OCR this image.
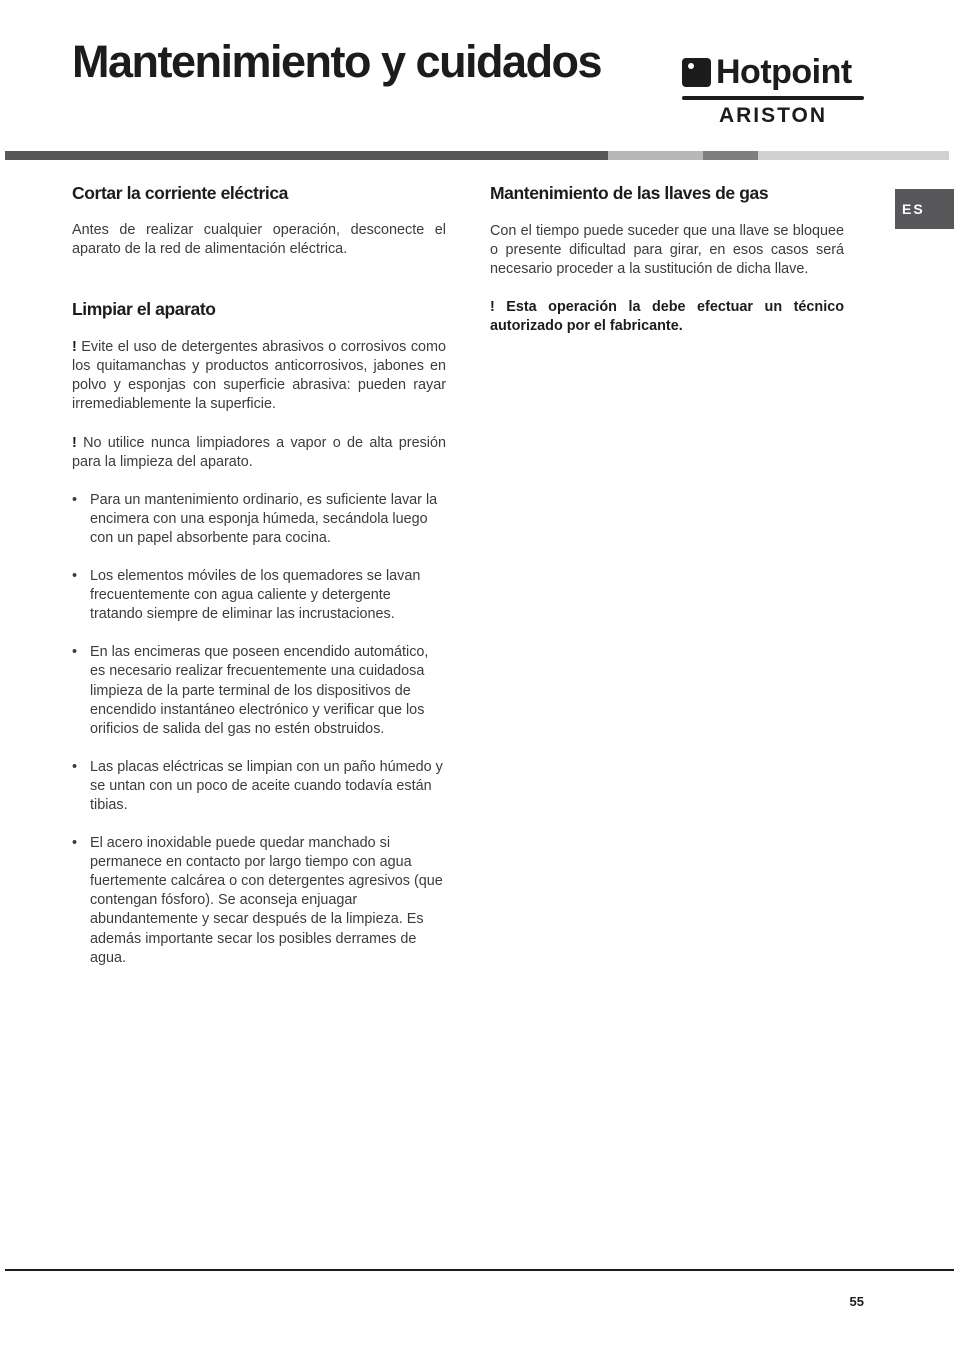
Mantenimiento y cuidados	Hotpoint
ARISTON
ES
Cortar la corriente eléctrica

Antes de realizar cualquier operación, desconecte el aparato de la red de alimentación eléctrica.

Limpiar el aparato

! Evite el uso de detergentes abrasivos o corrosivos como los quitamanchas y productos anticorrosivos, jabones en polvo y esponjas con superficie abrasiva: pueden rayar irremediablemente la superficie.

! No utilice nunca limpiadores a vapor o de alta presión para la limpieza del aparato.

• Para un mantenimiento ordinario, es suficiente lavar la encimera con una esponja húmeda, secándola luego con un papel absorbente para cocina.
• Los elementos móviles de los quemadores se lavan frecuentemente con agua caliente y detergente tratando siempre de eliminar las incrustaciones.
• En las encimeras que poseen encendido automático, es necesario realizar frecuentemente una cuidadosa limpieza de la parte terminal de los dispositivos de encendido instantáneo electrónico y verificar que los orificios de salida del gas no estén obstruidos.
• Las placas eléctricas se limpian con un paño húmedo y se untan con un poco de aceite cuando todavía están tibias.
• El acero inoxidable puede quedar manchado si permanece en contacto por largo tiempo con agua fuertemente calcárea o con detergentes agresivos (que contengan fósforo). Se aconseja enjuagar abundantemente y secar después de la limpieza. Es además importante secar los posibles derrames de agua.
Mantenimiento de las llaves de gas

Con el tiempo puede suceder que una llave se bloquee o presente dificultad para girar, en esos casos será necesario proceder a la sustitución de dicha llave.

! Esta operación la debe efectuar un técnico autorizado por el fabricante.

55
